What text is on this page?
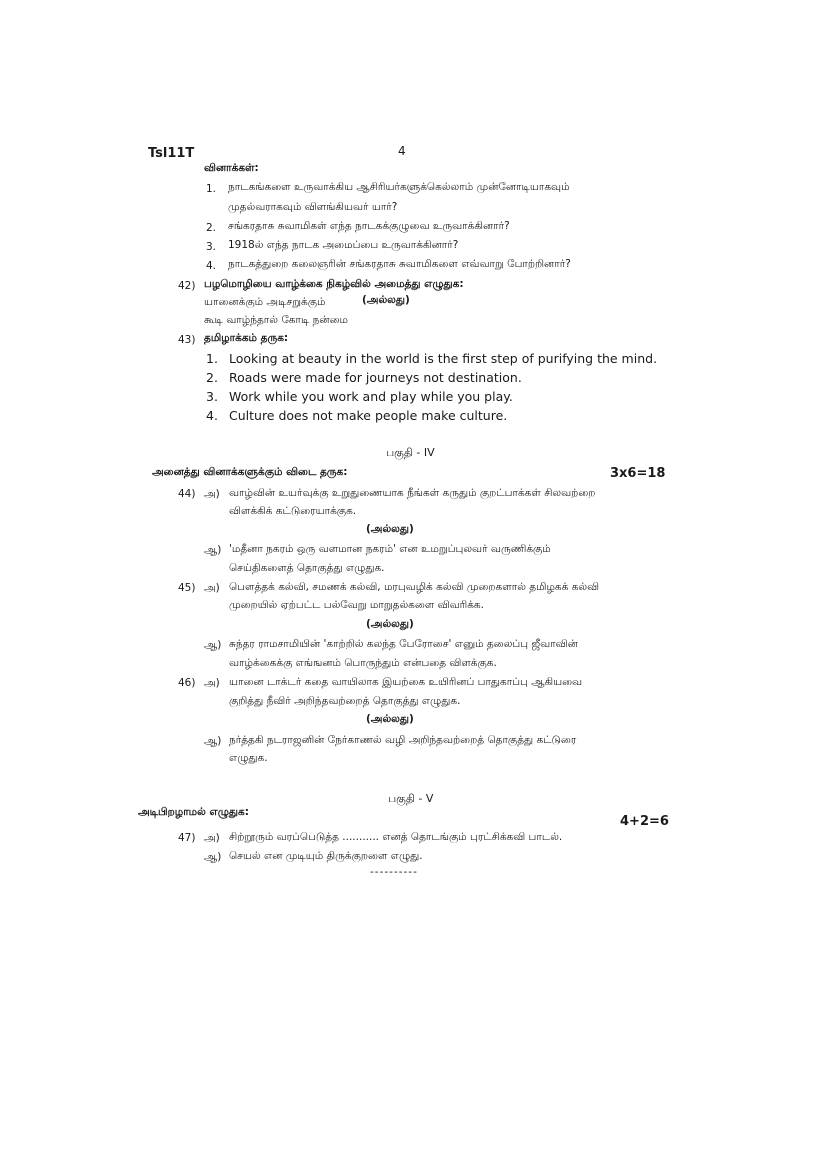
Tsl11T	4
வினாக்கள்:
1. நாடகங்களை உருவாக்கிய ஆசிரியர்களுக்கெல்லாம் முன்னோடியாகவும்
முதல்வராகவும் விளங்கியவர் யார்?
2. சங்கரதாசு சுவாமிகள் எந்த நாடகக்குழுவை உருவாக்கினார்?
3. 1918ல் எந்த நாடக அமைப்பை உருவாக்கினார்?
4. நாடகத்துறை கலைஞரின் சங்கரதாசு சுவாமிகளை எவ்வாறு போற்றினார்?
42) பழமொழியை வாழ்க்கை நிகழ்வில் அமைத்து எழுதுக:
யானைக்கும் அடிசறுக்கும்	(அல்லது)
கூடி வாழ்ந்தால் கோடி நன்மை
43) தமிழாக்கம் தருக:
1. Looking at beauty in the world is the first step of purifying the mind.
2. Roads were made for journeys not destination.
3. Work while you work and play while you play.
4. Culture does not make people make culture.
பகுதி - IV
அனைத்து வினாக்களுக்கும் விடை தருக:	3x6=18
44) அ) வாழ்வின் உயர்வுக்கு உறுதுணையாக நீங்கள் கருதும் குறட்பாக்கள் சிலவற்றை
விளக்கிக் கட்டுரையாக்குக.
(அல்லது)
ஆ) 'மதீனா நகரம் ஒரு வளமான நகரம்' என உமறுப்புலவர் வருணிக்கும்
செய்திகளைத் தொகுத்து எழுதுக.
45) அ) பௌத்தக் கல்வி, சமணக் கல்வி, மரபுவழிக் கல்வி முறைகளால் தமிழகக் கல்வி
முறையில் ஏற்பட்ட பல்வேறு மாறுதல்களை விவரிக்க.
(அல்லது)
ஆ) சுந்தர ராமசாமியின் 'காற்றில் கலந்த பேரோசை' எனும் தலைப்பு ஜீவாவின்
வாழ்க்கைக்கு எங்ஙனம் பொருந்தும் என்பதை விளக்குக.
46) அ) யானை டாக்டர் கதை வாயிலாக இயற்கை உயிரினப் பாதுகாப்பு ஆகியவை
குறித்து நீவிர் அறிந்தவற்றைத் தொகுத்து எழுதுக.
(அல்லது)
ஆ) நர்த்தகி நடராஜனின் நேர்காணல் வழி அறிந்தவற்றைத் தொகுத்து கட்டுரை
எழுதுக.
பகுதி - V
அடிபிறழாமல் எழுதுக:
4+2=6
47) அ) சிற்றூரும் வரப்பெடுத்த ........... எனத் தொடங்கும் புரட்சிக்கவி பாடல்.
ஆ) செயல் என முடியும் திருக்குறளை எழுது.
----------
